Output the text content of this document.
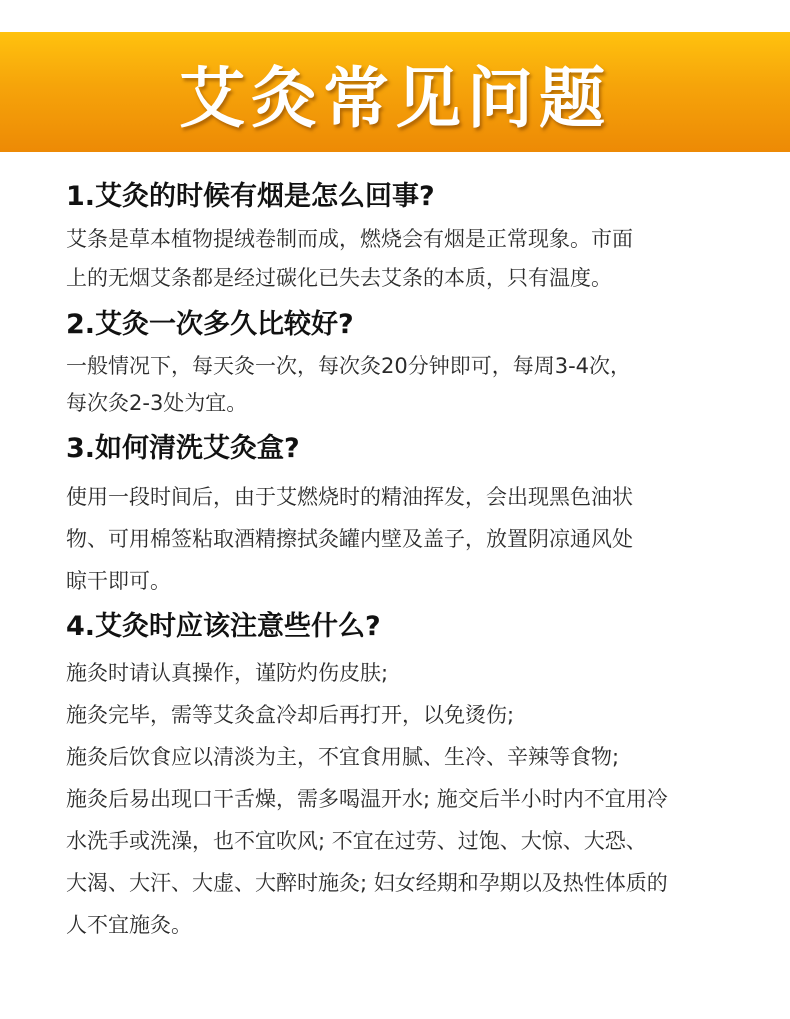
艾灸常见问题
1.艾灸的时候有烟是怎么回事?
艾条是草本植物提绒卷制而成，燃烧会有烟是正常现象。市面
上的无烟艾条都是经过碳化已失去艾条的本质，只有温度。
2.艾灸一次多久比较好?
一般情况下，每天灸一次，每次灸20分钟即可，每周3-4次，
每次灸2-3处为宜。
3.如何清洗艾灸盒?
使用一段时间后，由于艾燃烧时的精油挥发，会出现黑色油状
物、可用棉签粘取酒精擦拭灸罐内壁及盖子，放置阴凉通风处
晾干即可。
4.艾灸时应该注意些什么?
施灸时请认真操作，谨防灼伤皮肤;
施灸完毕，需等艾灸盒冷却后再打开，以免烫伤;
施灸后饮食应以清淡为主，不宜食用腻、生冷、辛辣等食物;
施灸后易出现口干舌燥，需多喝温开水; 施交后半小时内不宜用冷
水洗手或洗澡，也不宜吹风; 不宜在过劳、过饱、大惊、大恐、
大渴、大汗、大虚、大醉时施灸; 妇女经期和孕期以及热性体质的
人不宜施灸。
